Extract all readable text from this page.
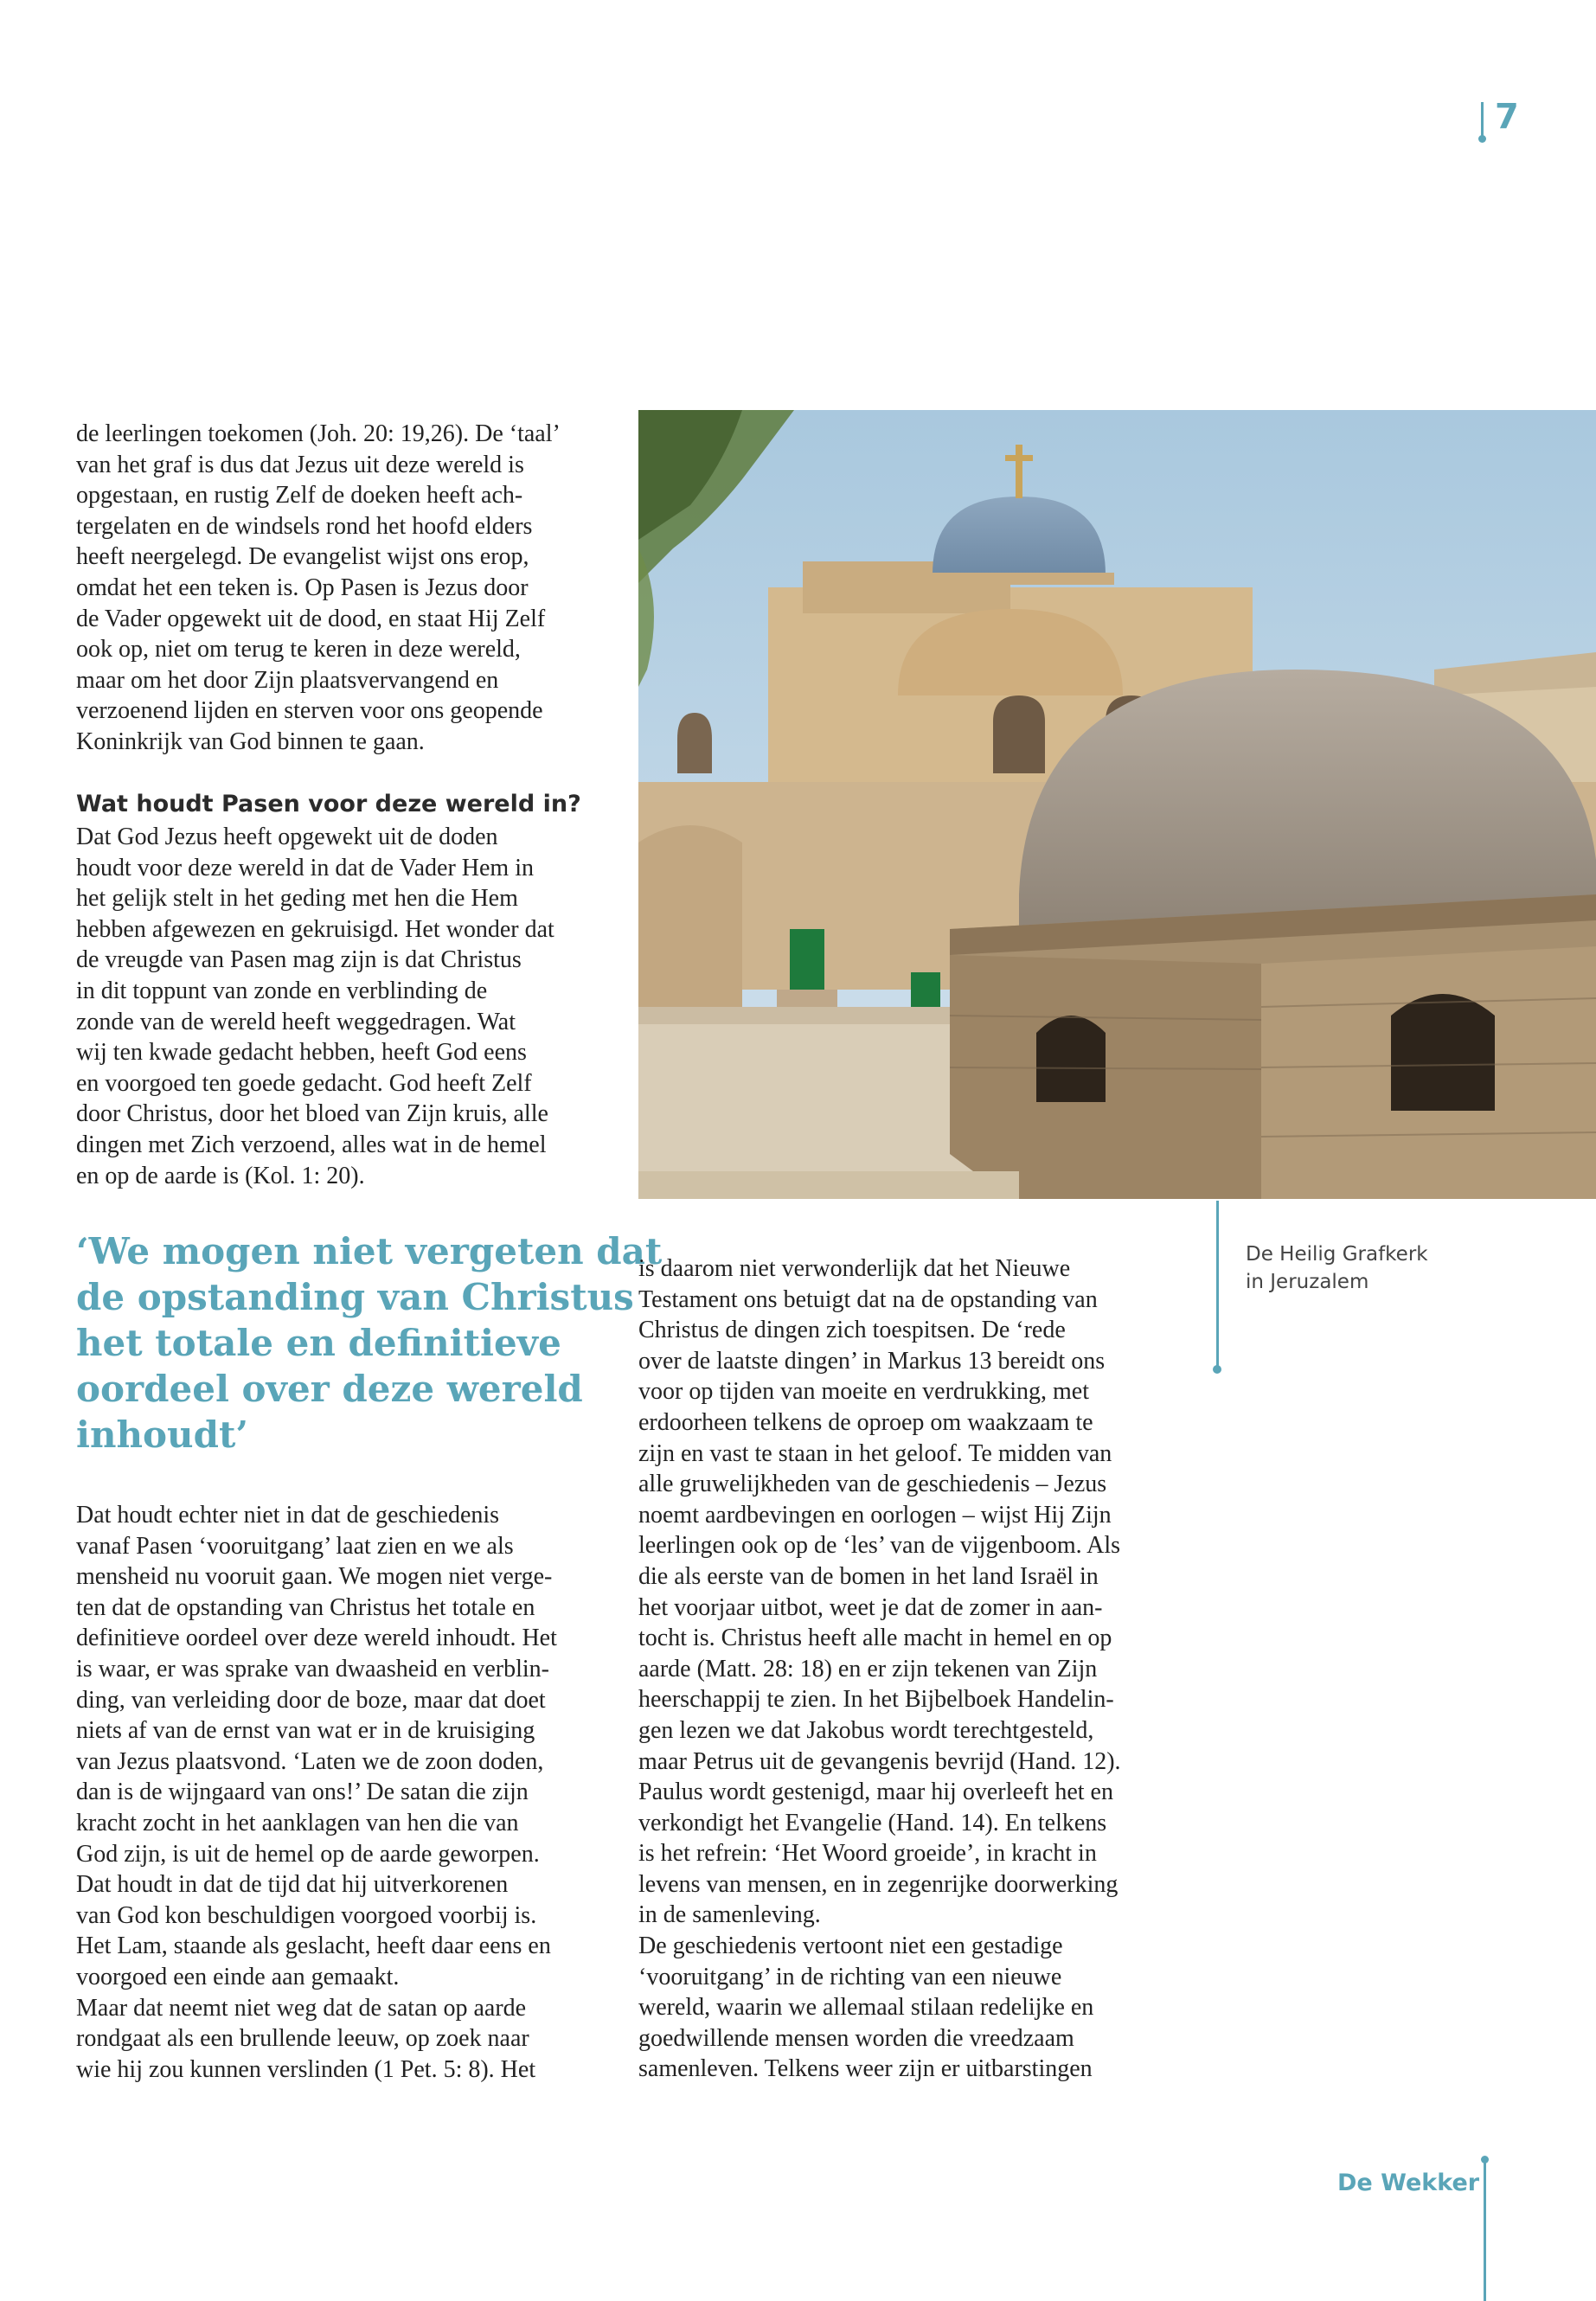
7
de leerlingen toekomen (Joh. 20: 19,26). De ‘taal’
van het graf is dus dat Jezus uit deze wereld is
opgestaan, en rustig Zelf de doeken heeft ach-
tergelaten en de windsels rond het hoofd elders
heeft neergelegd. De evangelist wijst ons erop,
omdat het een teken is. Op Pasen is Jezus door
de Vader opgewekt uit de dood, en staat Hij Zelf
ook op, niet om terug te keren in deze wereld,
maar om het door Zijn plaatsvervangend en
verzoenend lijden en sterven voor ons geopende
Koninkrijk van God binnen te gaan.
Wat houdt Pasen voor deze wereld in?
Dat God Jezus heeft opgewekt uit de doden
houdt voor deze wereld in dat de Vader Hem in
het gelijk stelt in het geding met hen die Hem
hebben afgewezen en gekruisigd. Het wonder dat
de vreugde van Pasen mag zijn is dat Christus
in dit toppunt van zonde en verblinding de
zonde van de wereld heeft weggedragen. Wat
wij ten kwade gedacht hebben, heeft God eens
en voorgoed ten goede gedacht. God heeft Zelf
door Christus, door het bloed van Zijn kruis, alle
dingen met Zich verzoend, alles wat in de hemel
en op de aarde is (Kol. 1: 20).
‘We mogen niet vergeten dat
de opstanding van Christus
het totale en definitieve
oordeel over deze wereld
inhoudt’
Dat houdt echter niet in dat de geschiedenis
vanaf Pasen ‘vooruitgang’ laat zien en we als
mensheid nu vooruit gaan. We mogen niet verge-
ten dat de opstanding van Christus het totale en
definitieve oordeel over deze wereld inhoudt. Het
is waar, er was sprake van dwaasheid en verblin-
ding, van verleiding door de boze, maar dat doet
niets af van de ernst van wat er in de kruisiging
van Jezus plaatsvond. ‘Laten we de zoon doden,
dan is de wijngaard van ons!’ De satan die zijn
kracht zocht in het aanklagen van hen die van
God zijn, is uit de hemel op de aarde geworpen.
Dat houdt in dat de tijd dat hij uitverkorenen
van God kon beschuldigen voorgoed voorbij is.
Het Lam, staande als geslacht, heeft daar eens en
voorgoed een einde aan gemaakt.
Maar dat neemt niet weg dat de satan op aarde
rondgaat als een brullende leeuw, op zoek naar
wie hij zou kunnen verslinden (1 Pet. 5: 8). Het
De Heilig Grafkerk
in Jeruzalem
is daarom niet verwonderlijk dat het Nieuwe
Testament ons betuigt dat na de opstanding van
Christus de dingen zich toespitsen. De ‘rede
over de laatste dingen’ in Markus 13 bereidt ons
voor op tijden van moeite en verdrukking, met
erdoorheen telkens de oproep om waakzaam te
zijn en vast te staan in het geloof. Te midden van
alle gruwelijkheden van de geschiedenis – Jezus
noemt aardbevingen en oorlogen – wijst Hij Zijn
leerlingen ook op de ‘les’ van de vijgenboom. Als
die als eerste van de bomen in het land Israël in
het voorjaar uitbot, weet je dat de zomer in aan-
tocht is. Christus heeft alle macht in hemel en op
aarde (Matt. 28: 18) en er zijn tekenen van Zijn
heerschappij te zien. In het Bijbelboek Handelin-
gen lezen we dat Jakobus wordt terechtgesteld,
maar Petrus uit de gevangenis bevrijd (Hand. 12).
Paulus wordt gestenigd, maar hij overleeft het en
verkondigt het Evangelie (Hand. 14). En telkens
is het refrein: ‘Het Woord groeide’, in kracht in
levens van mensen, en in zegenrijke doorwerking
in de samenleving.
De geschiedenis vertoont niet een gestadige
‘vooruitgang’ in de richting van een nieuwe
wereld, waarin we allemaal stilaan redelijke en
goedwillende mensen worden die vreedzaam
samenleven. Telkens weer zijn er uitbarstingen
De Wekker
